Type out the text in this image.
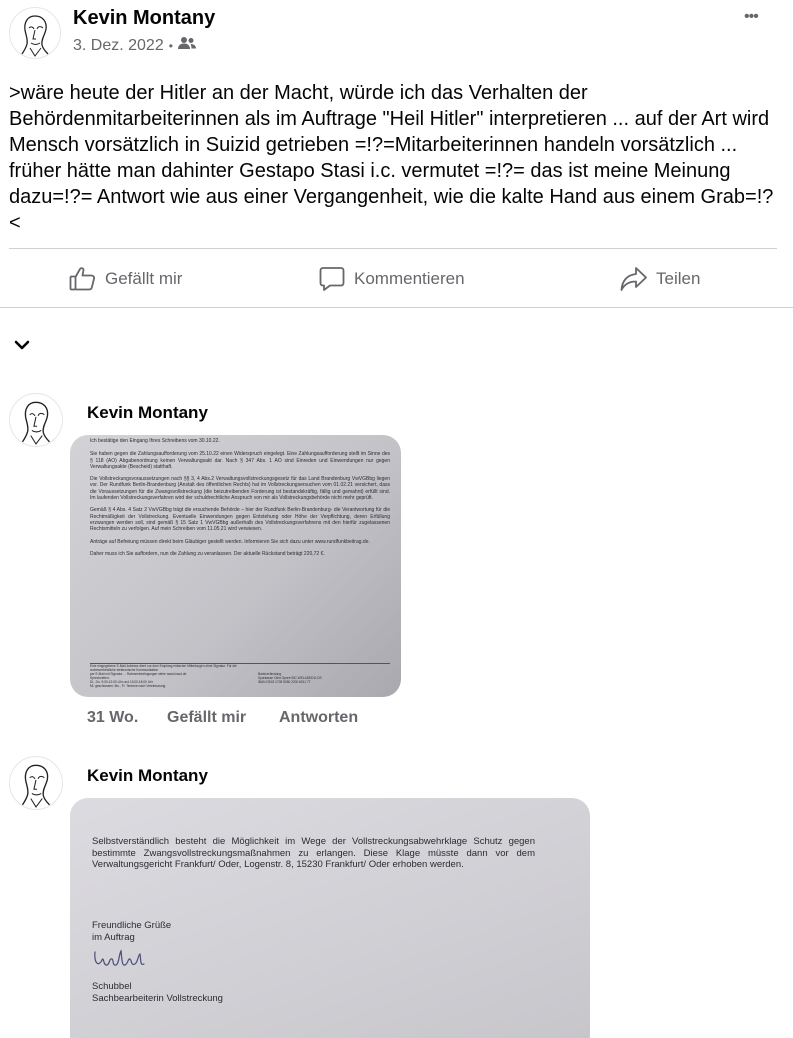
Kevin Montany
3. Dez. 2022 •
•••
>wäre heute der Hitler an der Macht, würde ich das Verhalten der Behördenmitarbeiterinnen als im Auftrage "Heil Hitler" interpretieren ... auf der Art wird Mensch vorsätzlich in Suizid getrieben =!?=Mitarbeiterinnen handeln vorsätzlich ... früher hätte man dahinter Gestapo Stasi i.c. vermutet =!?= das ist meine Meinung dazu=!?= Antwort wie aus einer Vergangenheit, wie die kalte Hand aus einem Grab=!?<
Gefällt mir	Kommentieren	Teilen
Kevin Montany

Ich bestätige den Eingang Ihres Schreibens vom 30.10.22.

Sie haben gegen die Zahlungsaufforderung vom 25.10.22 einen Widerspruch eingelegt. Eine Zahlungsaufforderung stellt im Sinne des § 118 (AO) Abgabenordnung keinen Verwaltungsakt dar. Nach § 347 Abs. 1 AO sind Einreden und Einwendungen nur gegen Verwaltungsakte (Bescheid) statthaft.

Die Vollstreckungsvoraussetzungen nach §§ 3, 4 Abs.2 Verwaltungsvollstreckungsgesetz für das Land Brandenburg VwVGBbg liegen vor. Der Rundfunk Berlin-Brandenburg (Anstalt des öffentlichen Rechts) hat im Vollstreckungsersuchen vom 01.02.21 versichert, dass die Voraussetzungen für die Zwangsvollstreckung (die beizutreibenden Forderung ist bestandskräftig, fällig und gemahnt) erfüllt sind. Im laufenden Vollstreckungsverfahren wird der schuldrechtliche Anspruch von mir als Vollstreckungsbehörde nicht mehr geprüft.

Gemäß § 4 Abs. 4 Satz 2 VwVGBbg trägt die ersuchende Behörde – hier der Rundfunk Berlin-Brandenburg- die Verantwortung für die Rechtmäßigkeit der Vollstreckung. Eventuelle Einwendungen gegen Entstehung oder Höhe der Verpflichtung, deren Erfüllung erzwungen werden soll, sind gemäß § 15 Satz 1 VwVGBbg außerhalb des Vollstreckungsverfahrens mit den hierfür zugelassenen Rechtsmitteln zu verfolgen. Auf mein Schreiben vom 11.05.21 wird verwiesen.

Anträge auf Befreiung müssen direkt beim Gläubiger gestellt werden. Informieren Sie sich dazu unter www.rundfunkbeitrag.de.

Daher muss ich Sie auffordern, nun die Zahlung zu veranlassen. Der aktuelle Rückstand beträgt 220,72 €.

Eine eingegebene E-Mail-Adresse dient nur dem Empfang einfacher Mitteilungen ohne Signatur. Für die rechtsverbindliche elektronische Kommunikation
per E-Mail mit Signatur ... Rahmenbedingungen siehe www.losod.de
Sprechzeiten:
Di., Do. 9:00-12:00 Uhr und 13:00-18:00 Uhr
Mi. geschlossen; Mo., Fr. Termine nach Vereinbarung
Bankverbindung
Sparkasse Oder-Spree BIC WELADED1LOS
IBAN DE43 1705 5050 2200 6011 77
31 Wo. Gefällt mir Antworten
Kevin Montany

Selbstverständlich besteht die Möglichkeit im Wege der Vollstreckungsabwehrklage Schutz gegen bestimmte Zwangsvollstreckungsmaßnahmen zu erlangen. Diese Klage müsste dann vor dem Verwaltungsgericht Frankfurt/ Oder, Logenstr. 8, 15230 Frankfurt/ Oder erhoben werden.

Freundliche Grüße
im Auftrag
Schubbel
Sachbearbeiterin Vollstreckung
